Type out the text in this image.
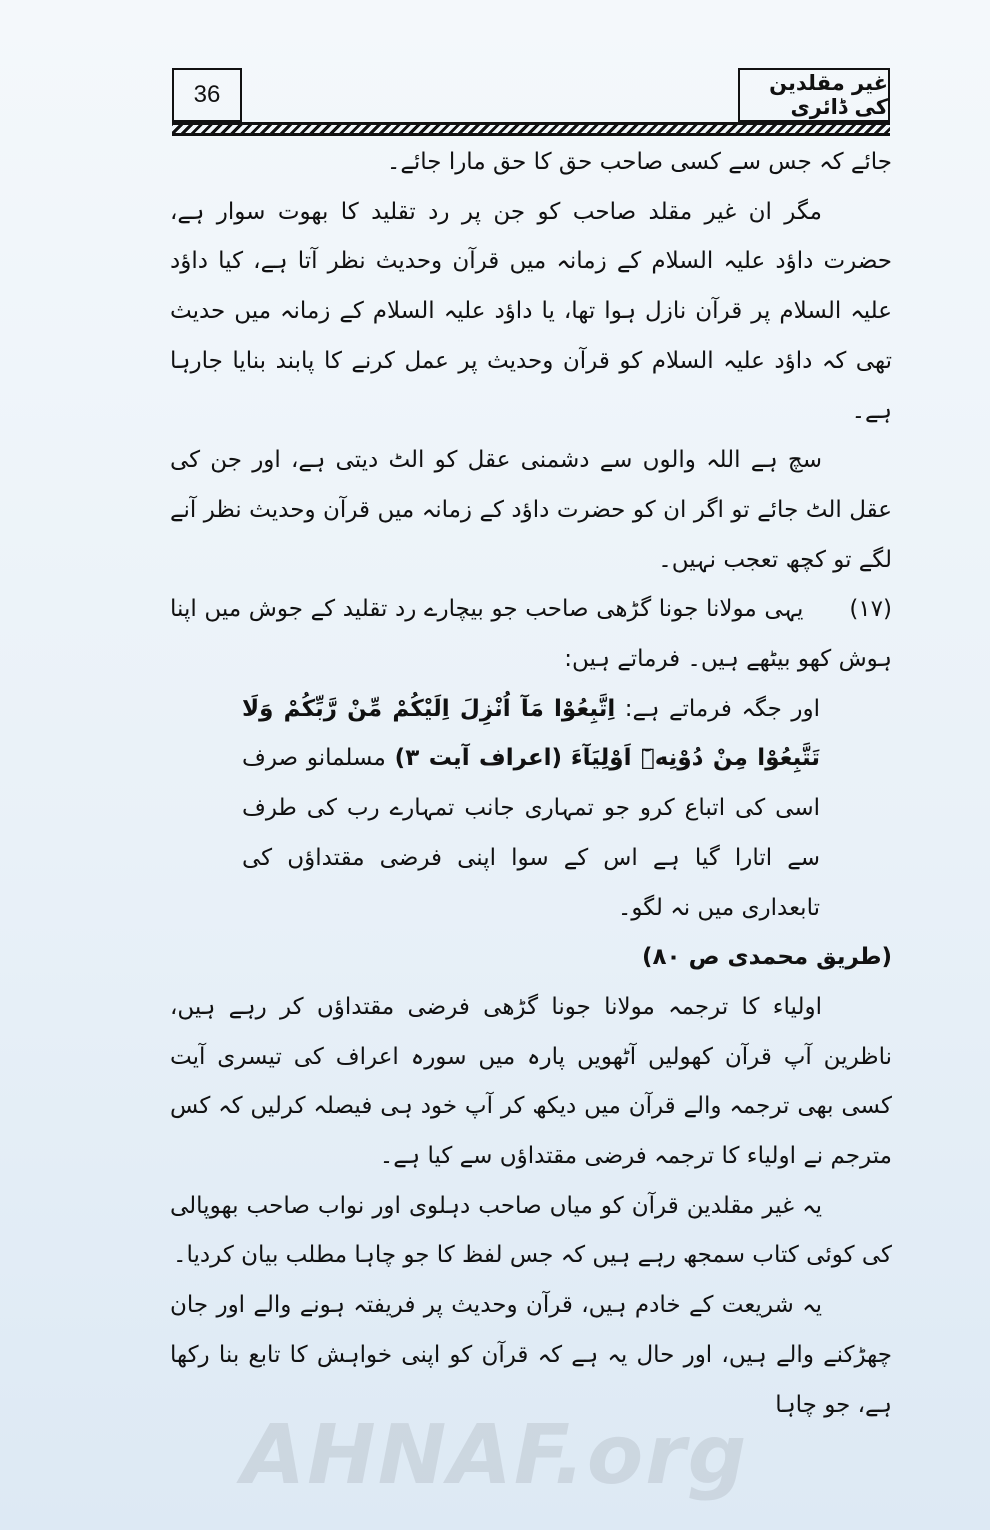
36	غیر مقلدین کی ڈائری

جائے کہ جس سے کسی صاحب حق کا حق مارا جائے۔

مگر ان غیر مقلد صاحب کو جن پر رد تقلید کا بھوت سوار ہے، حضرت داؤد علیہ السلام کے زمانہ میں قرآن وحدیث نظر آتا ہے، کیا داؤد علیہ السلام پر قرآن نازل ہوا تھا، یا داؤد علیہ السلام کے زمانہ میں حدیث تھی کہ داؤد علیہ السلام کو قرآن وحدیث پر عمل کرنے کا پابند بنایا جارہا ہے۔

سچ ہے اللہ والوں سے دشمنی عقل کو الٹ دیتی ہے، اور جن کی عقل الٹ جائے تو اگر ان کو حضرت داؤد کے زمانہ میں قرآن وحدیث نظر آنے لگے تو کچھ تعجب نہیں۔

(۱۷)      یہی مولانا جونا گڑھی صاحب جو بیچارے رد تقلید کے جوش میں اپنا ہوش کھو بیٹھے ہیں۔ فرماتے ہیں:

اور جگہ فرماتے ہے: اِتَّبِعُوْا مَآ اُنْزِلَ اِلَيْكُمْ مِّنْ رَّبِّكُمْ وَلَا تَتَّبِعُوْا مِنْ دُوْنِهٖٓ اَوْلِيَآءَ (اعراف آیت ۳) مسلمانو صرف اسی کی اتباع کرو جو تمہاری جانب تمہارے رب کی طرف سے اتارا گیا ہے اس کے سوا اپنی فرضی مقتداؤں کی تابعداری میں نہ لگو۔

(طریق محمدی ص ۸۰)

اولیاء کا ترجمہ مولانا جونا گڑھی فرضی مقتداؤں کر رہے ہیں، ناظرین آپ قرآن کھولیں آٹھویں پارہ میں سورہ اعراف کی تیسری آیت کسی بھی ترجمہ والے قرآن میں دیکھ کر آپ خود ہی فیصلہ کرلیں کہ کس مترجم نے اولیاء کا ترجمہ فرضی مقتداؤں سے کیا ہے۔

یہ غیر مقلدین قرآن کو میاں صاحب دہلوی اور نواب صاحب بھوپالی کی کوئی کتاب سمجھ رہے ہیں کہ جس لفظ کا جو چاہا مطلب بیان کردیا۔

یہ شریعت کے خادم ہیں، قرآن وحدیث پر فریفتہ ہونے والے اور جان چھڑکنے والے ہیں، اور حال یہ ہے کہ قرآن کو اپنی خواہش کا تابع بنا رکھا ہے، جو چاہا

AHNAF.org
